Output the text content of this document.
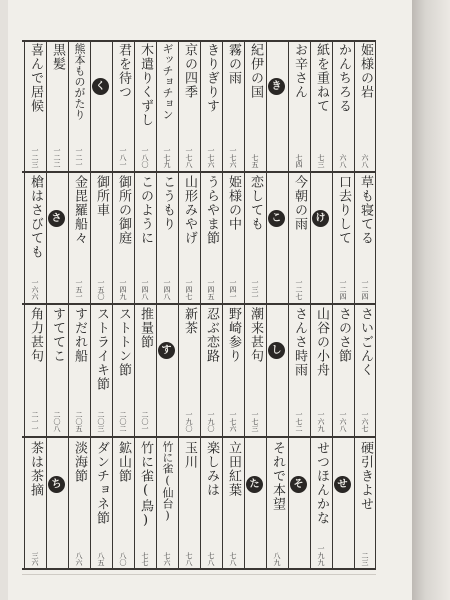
姫様の岩
六八
草も寝てる
一二四
さいごんく
一六七
硬引きよせ
二三
かんちろる
六八
口去りして
一二四
さのさ節
一六八
せ
紙を重ねて
七三
け
山谷の小舟
一六九
せつほんかな
一九九
お辛さん
七四
今朝の雨
一二七
さんさ時雨
一七二
そ
き
こ
し
それで本望
八九
紀伊の国
七五
恋しても
一三一
潮来甚句
一七三
た
霧の雨
一七六
姫様の中
一四一
野崎参り
一七六
立田紅葉
七八
きりぎりす
一七六
うらやま節
一四五
忍ぶ恋路
一九〇
楽しみは
七八
京の四季
一七八
山形みやげ
一四七
新茶
一九〇
玉川
七八
ギッチョチョン
一七九
こうもり
一四八
す
竹に雀(仙台)
七六
木遣りくずし
一八〇
このように
一四八
推量節
二〇一
竹に雀(鳥)
七七
君を待つ
一八一
御所の御庭
一四九
ストトン節
二〇二
鉱山節
八〇
く
御所車
一五〇
ストライキ節
二〇三
ダンチョネ節
八五
熊本ものがたり
一二一
金毘羅船々
一五一
すだれ船
二〇五
淡海節
八六
黒髪
一二二
さ
すててこ
二〇八
ち
喜んで居候
一二三
槍はさびても
一六六
角力甚句
二一一
茶は茶摘
三六
